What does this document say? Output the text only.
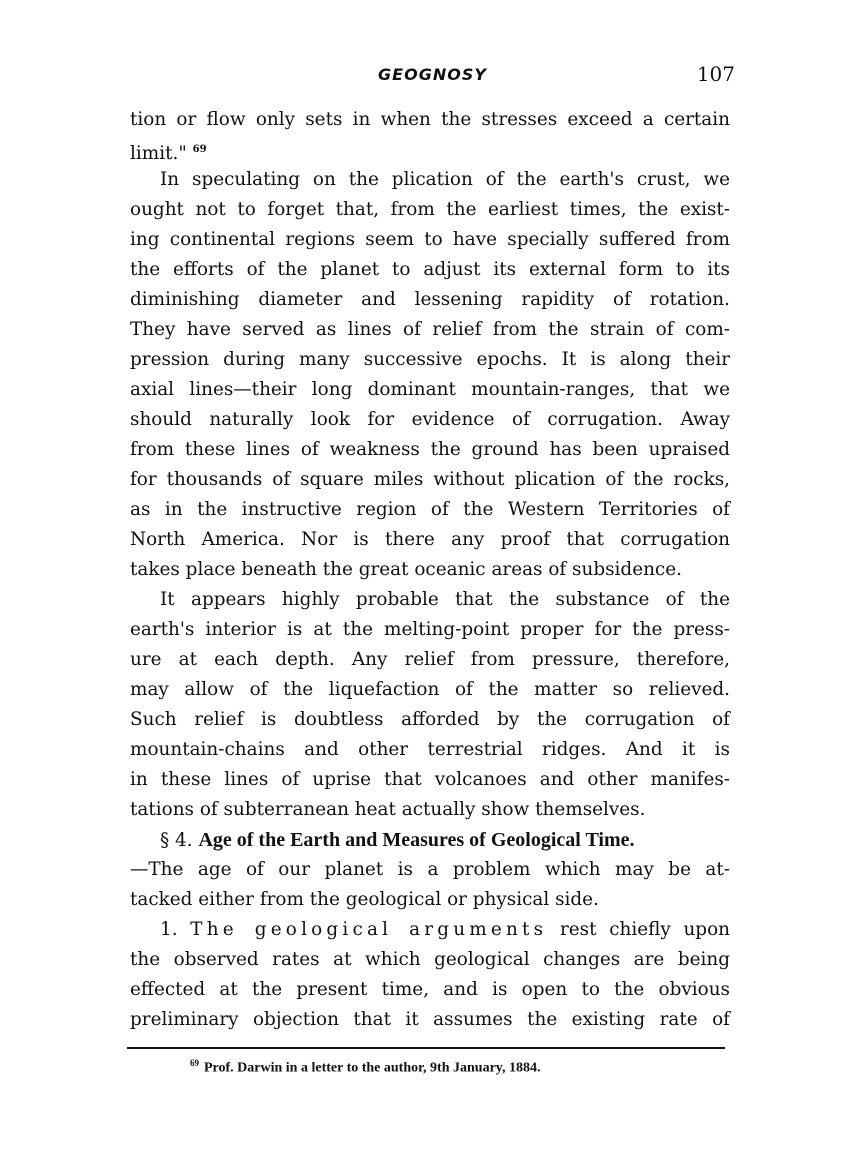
GEOGNOSY	107
tion or flow only sets in when the stresses exceed a certain
limit." $^{69}$
In speculating on the plication of the earth's crust, we
ought not to forget that, from the earliest times, the exist-
ing continental regions seem to have specially suffered from
the efforts of the planet to adjust its external form to its
diminishing diameter and lessening rapidity of rotation.
They have served as lines of relief from the strain of com-
pression during many successive epochs. It is along their
axial lines—their long dominant mountain-ranges, that we
should naturally look for evidence of corrugation. Away
from these lines of weakness the ground has been upraised
for thousands of square miles without plication of the rocks,
as in the instructive region of the Western Territories of
North America. Nor is there any proof that corrugation
takes place beneath the great oceanic areas of subsidence.
It appears highly probable that the substance of the
earth's interior is at the melting-point proper for the press-
ure at each depth. Any relief from pressure, therefore,
may allow of the liquefaction of the matter so relieved.
Such relief is doubtless afforded by the corrugation of
mountain-chains and other terrestrial ridges. And it is
in these lines of uprise that volcanoes and other manifes-
tations of subterranean heat actually show themselves.
§ 4. Age of the Earth and Measures of Geological Time.
—The age of our planet is a problem which may be at-
tacked either from the geological or physical side.
1. The geological arguments rest chiefly upon
the observed rates at which geological changes are being
effected at the present time, and is open to the obvious
preliminary objection that it assumes the existing rate of
$^{69}$ Prof. Darwin in a letter to the author, 9th January, 1884.
